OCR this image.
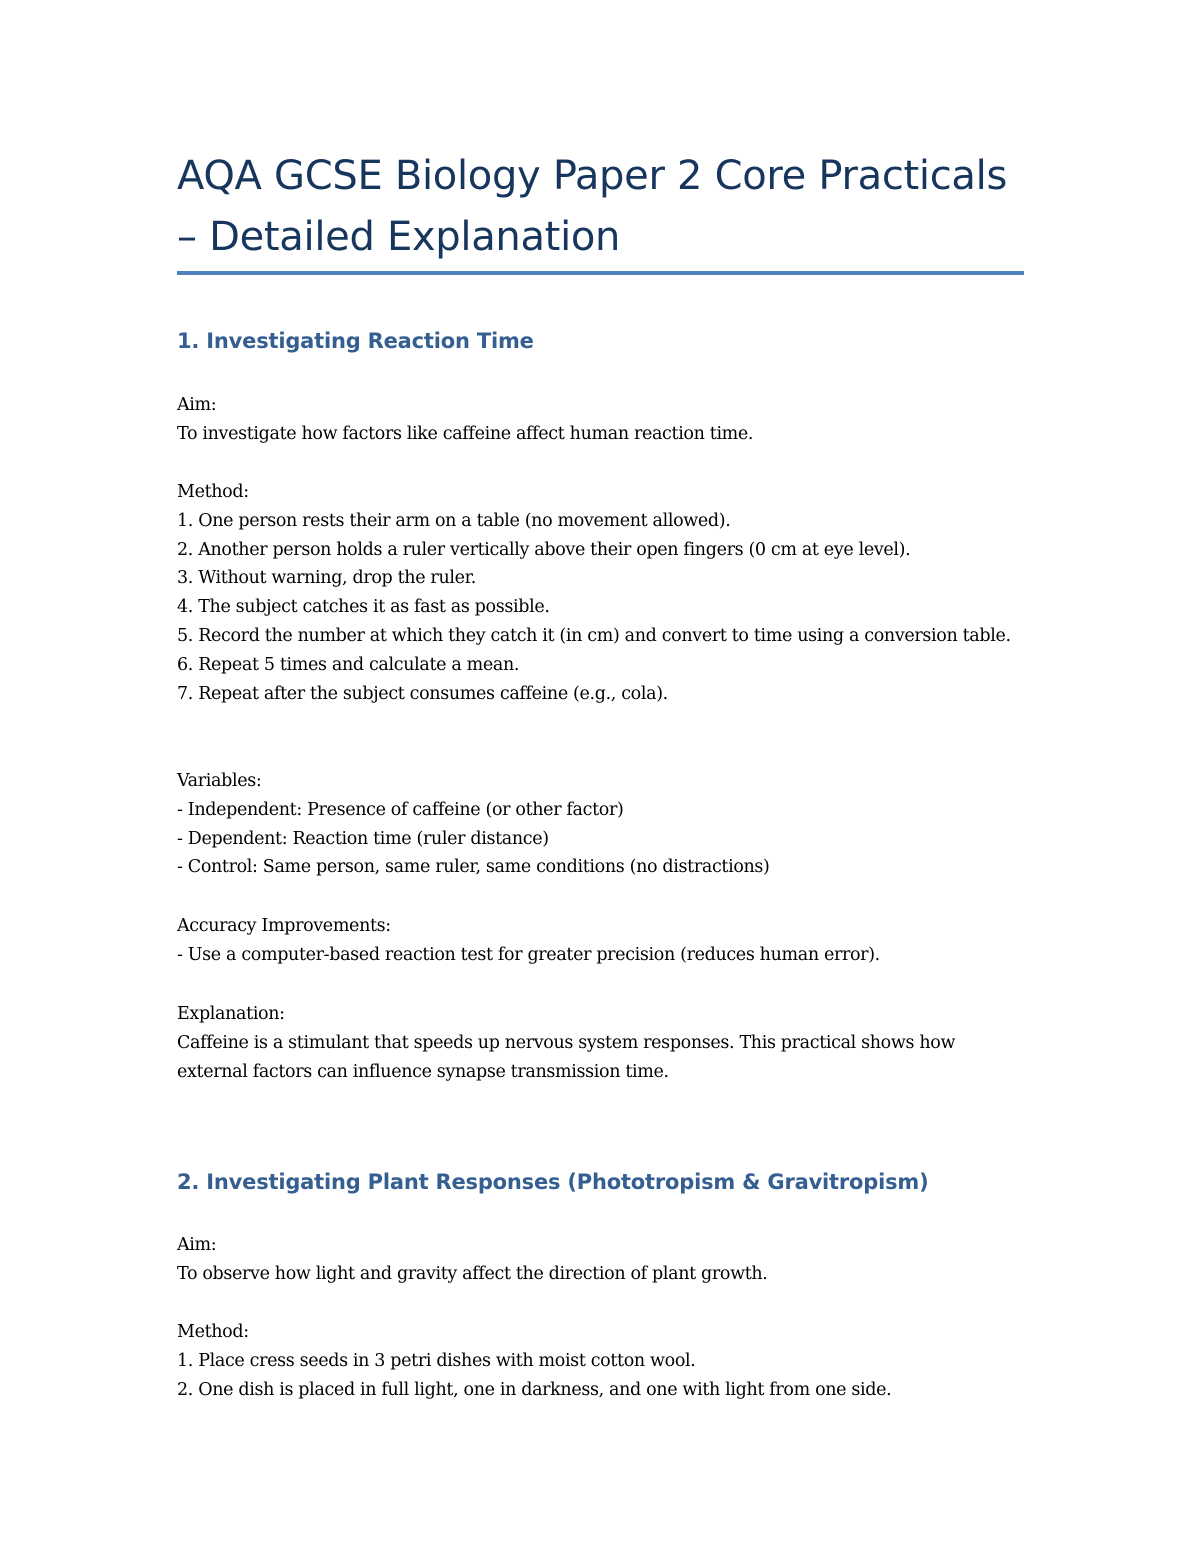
AQA GCSE Biology Paper 2 Core Practicals – Detailed Explanation
1. Investigating Reaction Time

Aim:

To investigate how factors like caffeine affect human reaction time.

Method:

1. One person rests their arm on a table (no movement allowed).

2. Another person holds a ruler vertically above their open fingers (0 cm at eye level).

3. Without warning, drop the ruler.

4. The subject catches it as fast as possible.

5. Record the number at which they catch it (in cm) and convert to time using a conversion table.

6. Repeat 5 times and calculate a mean.

7. Repeat after the subject consumes caffeine (e.g., cola).

Variables:

- Independent: Presence of caffeine (or other factor)

- Dependent: Reaction time (ruler distance)

- Control: Same person, same ruler, same conditions (no distractions)

Accuracy Improvements:

- Use a computer-based reaction test for greater precision (reduces human error).

Explanation:

Caffeine is a stimulant that speeds up nervous system responses. This practical shows how external factors can influence synapse transmission time.

2. Investigating Plant Responses (Phototropism & Gravitropism)

Aim:

To observe how light and gravity affect the direction of plant growth.

Method:

1. Place cress seeds in 3 petri dishes with moist cotton wool.

2. One dish is placed in full light, one in darkness, and one with light from one side.
